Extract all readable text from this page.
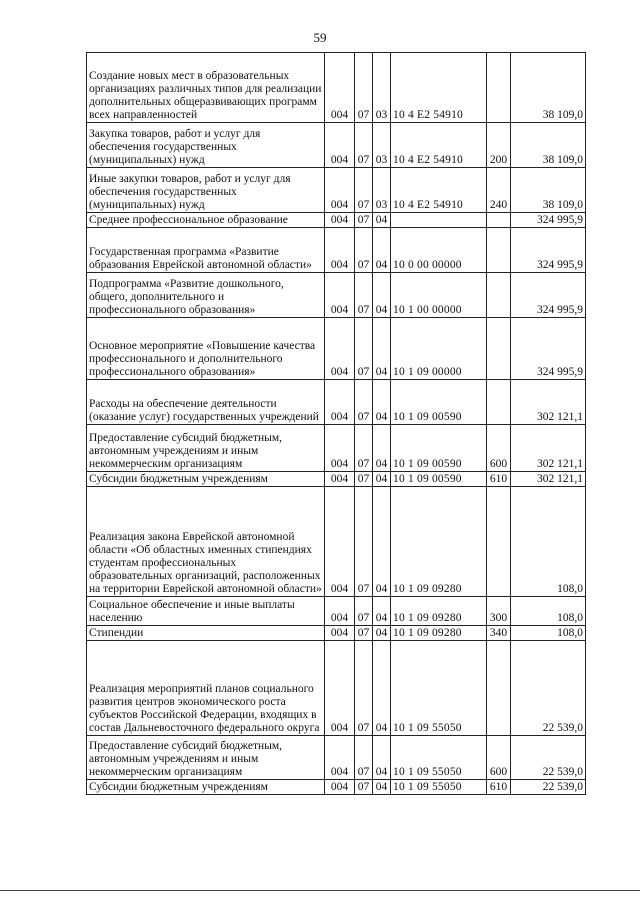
59
Создание новых мест в образовательных организациях различных типов для реализации дополнительных общеразвивающих программ всех направленностей	004	07	03	10 4 E2 54910		38 109,0
Закупка товаров, работ и услуг для обеспечения государственных (муниципальных) нужд	004	07	03	10 4 E2 54910	200	38 109,0
Иные закупки товаров, работ и услуг для обеспечения государственных (муниципальных) нужд	004	07	03	10 4 E2 54910	240	38 109,0
Среднее профессиональное образование	004	07	04			324 995,9
Государственная программа «Развитие образования Еврейской автономной области»	004	07	04	10 0 00 00000		324 995,9
Подпрограмма «Развитие дошкольного, общего, дополнительного и профессионального образования»	004	07	04	10 1 00 00000		324 995,9
Основное мероприятие «Повышение качества профессионального и дополнительного профессионального образования»	004	07	04	10 1 09 00000		324 995,9
Расходы на обеспечение деятельности (оказание услуг) государственных учреждений	004	07	04	10 1 09 00590		302 121,1
Предоставление субсидий бюджетным, автономным учреждениям и иным некоммерческим организациям	004	07	04	10 1 09 00590	600	302 121,1
Субсидии бюджетным учреждениям	004	07	04	10 1 09 00590	610	302 121,1
Реализация закона Еврейской автономной области «Об областных именных стипендиях студентам профессиональных образовательных организаций, расположенных на территории Еврейской автономной области»	004	07	04	10 1 09 09280		108,0
Социальное обеспечение и иные выплаты населению	004	07	04	10 1 09 09280	300	108,0
Стипендии	004	07	04	10 1 09 09280	340	108,0
Реализация мероприятий планов социального развития центров экономического роста субъектов Российской Федерации, входящих в состав Дальневосточного федерального округа	004	07	04	10 1 09 55050		22 539,0
Предоставление субсидий бюджетным, автономным учреждениям и иным некоммерческим организациям	004	07	04	10 1 09 55050	600	22 539,0
Субсидии бюджетным учреждениям	004	07	04	10 1 09 55050	610	22 539,0
